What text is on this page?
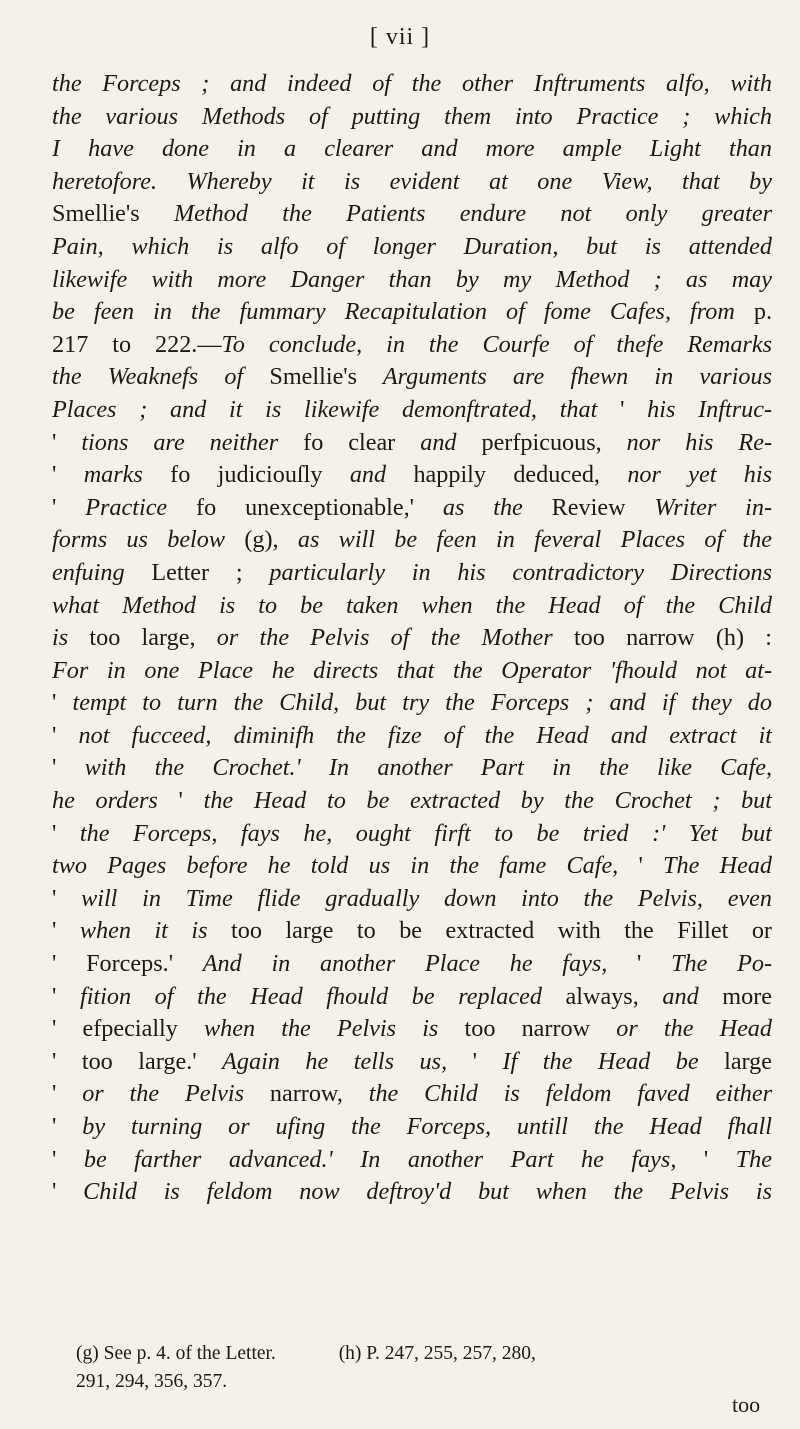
[ vii ]
the Forceps ; and indeed of the other Inftruments alfo, with
the various Methods of putting them into Practice ; which
I have done in a clearer and more ample Light than
heretofore. Whereby it is evident at one View, that by
Smellie's Method the Patients endure not only greater
Pain, which is alfo of longer Duration, but is attended
likewife with more Danger than by my Method ; as may
be feen in the fummary Recapitulation of fome Cafes, from p.
217 to 222.—To conclude, in the Courfe of thefe Remarks
the Weaknefs of Smellie's Arguments are fhewn in various
Places ; and it is likewife demonftrated, that ' his Inftruc-
' tions are neither fo clear and perfpicuous, nor his Re-
' marks fo judiciouſly and happily deduced, nor yet his
' Practice fo unexceptionable,' as the Review Writer in-
forms us below (g), as will be feen in feveral Places of the
enfuing Letter ; particularly in his contradictory Directions
what Method is to be taken when the Head of the Child
is too large, or the Pelvis of the Mother too narrow (h) :
For in one Place he directs that the Operator 'fhould not at-
' tempt to turn the Child, but try the Forceps ; and if they do
' not fucceed, diminifh the fize of the Head and extract it
' with the Crochet.' In another Part in the like Cafe,
he orders ' the Head to be extracted by the Crochet ; but
' the Forceps, fays he, ought firft to be tried :' Yet but
two Pages before he told us in the fame Cafe, ' The Head
' will in Time flide gradually down into the Pelvis, even
' when it is too large to be extracted with the Fillet or
' Forceps.' And in another Place he fays, ' The Po-
' fition of the Head fhould be replaced always, and more
' efpecially when the Pelvis is too narrow or the Head
' too large.' Again he tells us, ' If the Head be large
' or the Pelvis narrow, the Child is feldom faved either
' by turning or ufing the Forceps, untill the Head fhall
' be farther advanced.' In another Part he fays, ' The
' Child is feldom now deftroy'd but when the Pelvis is
(g) See p. 4. of the Letter.	(h) P. 247, 255, 257, 280,
291, 294, 356, 357.
too
